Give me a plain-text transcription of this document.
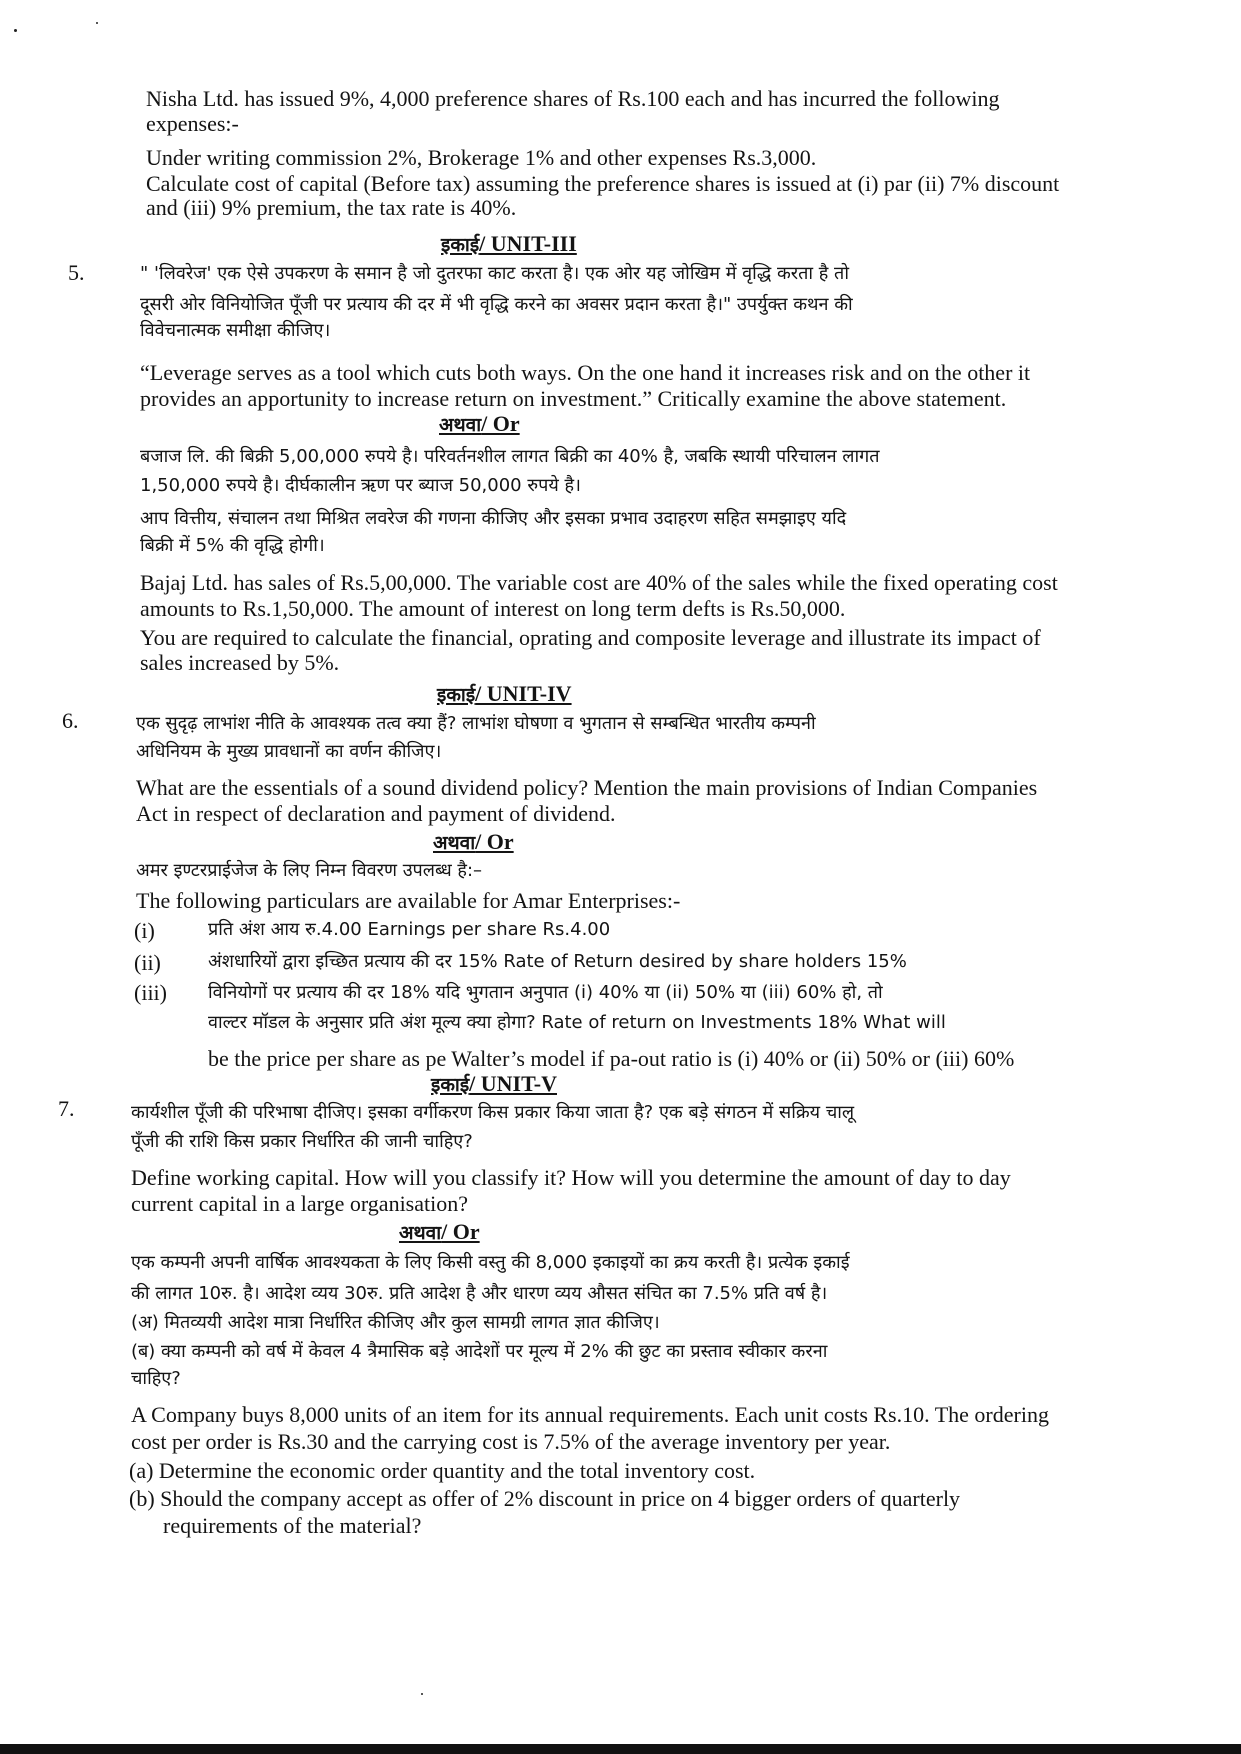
Nisha Ltd. has issued 9%, 4,000 preference shares of Rs.100 each and has incurred the following
expenses:-
Under writing commission 2%, Brokerage 1% and other expenses Rs.3,000.
Calculate cost of capital (Before tax) assuming the preference shares is issued at (i) par (ii) 7% discount
and (iii) 9% premium, the tax rate is 40%.
इकाई/ UNIT-III
5.	" 'लिवरेज' एक ऐसे उपकरण के समान है जो दुतरफा काट करता है। एक ओर यह जोखिम में वृद्धि करता है तो
दूसरी ओर विनियोजित पूँजी पर प्रत्याय की दर में भी वृद्धि करने का अवसर प्रदान करता है।" उपर्युक्त कथन की
विवेचनात्मक समीक्षा कीजिए।
“Leverage serves as a tool which cuts both ways. On the one hand it increases risk and on the other it
provides an apportunity to increase return on investment.” Critically examine the above statement.
अथवा/ Or
बजाज लि. की बिक्री 5,00,000 रुपये है। परिवर्तनशील लागत बिक्री का 40% है, जबकि स्थायी परिचालन लागत
1,50,000 रुपये है। दीर्घकालीन ऋण पर ब्याज 50,000 रुपये है।
आप वित्तीय, संचालन तथा मिश्रित लवरेज की गणना कीजिए और इसका प्रभाव उदाहरण सहित समझाइए यदि
बिक्री में 5% की वृद्धि होगी।
Bajaj Ltd. has sales of Rs.5,00,000. The variable cost are 40% of the sales while the fixed operating cost
amounts to Rs.1,50,000. The amount of interest on long term defts is Rs.50,000.
You are required to calculate the financial, oprating and composite leverage and illustrate its impact of
sales increased by 5%.
इकाई/ UNIT-IV
6.	एक सुदृढ़ लाभांश नीति के आवश्यक तत्व क्या हैं? लाभांश घोषणा व भुगतान से सम्बन्धित भारतीय कम्पनी
अधिनियम के मुख्य प्रावधानों का वर्णन कीजिए।
What are the essentials of a sound dividend policy? Mention the main provisions of Indian Companies
Act in respect of declaration and payment of dividend.
अथवा/ Or
अमर इण्टरप्राईजेज के लिए निम्न विवरण उपलब्ध है:–
The following particulars are available for Amar Enterprises:-
(i)	प्रति अंश आय रु.4.00 Earnings per share Rs.4.00
(ii)	अंशधारियों द्वारा इच्छित प्रत्याय की दर 15% Rate of Return desired by share holders 15%
(iii) विनियोगों पर प्रत्याय की दर 18% यदि भुगतान अनुपात (i) 40% या (ii) 50% या (iii) 60% हो, तो
वाल्टर मॉडल के अनुसार प्रति अंश मूल्य क्या होगा? Rate of return on Investments 18% What will
be the price per share as pe Walter’s model if pa-out ratio is (i) 40% or (ii) 50% or (iii) 60%
इकाई/ UNIT-V
7.	कार्यशील पूँजी की परिभाषा दीजिए। इसका वर्गीकरण किस प्रकार किया जाता है? एक बड़े संगठन में सक्रिय चालू
पूँजी की राशि किस प्रकार निर्धारित की जानी चाहिए?
Define working capital. How will you classify it? How will you determine the amount of day to day
current capital in a large organisation?
अथवा/ Or
एक कम्पनी अपनी वार्षिक आवश्यकता के लिए किसी वस्तु की 8,000 इकाइयों का क्रय करती है। प्रत्येक इकाई
की लागत 10रु. है। आदेश व्यय 30रु. प्रति आदेश है और धारण व्यय औसत संचित का 7.5% प्रति वर्ष है।
(अ) मितव्ययी आदेश मात्रा निर्धारित कीजिए और कुल सामग्री लागत ज्ञात कीजिए।
(ब) क्या कम्पनी को वर्ष में केवल 4 त्रैमासिक बड़े आदेशों पर मूल्य में 2% की छुट का प्रस्ताव स्वीकार करना
चाहिए?
A Company buys 8,000 units of an item for its annual requirements. Each unit costs Rs.10. The ordering
cost per order is Rs.30 and the carrying cost is 7.5% of the average inventory per year.
(a) Determine the economic order quantity and the total inventory cost.
(b) Should the company accept as offer of 2% discount in price on 4 bigger orders of quarterly
requirements of the material?
